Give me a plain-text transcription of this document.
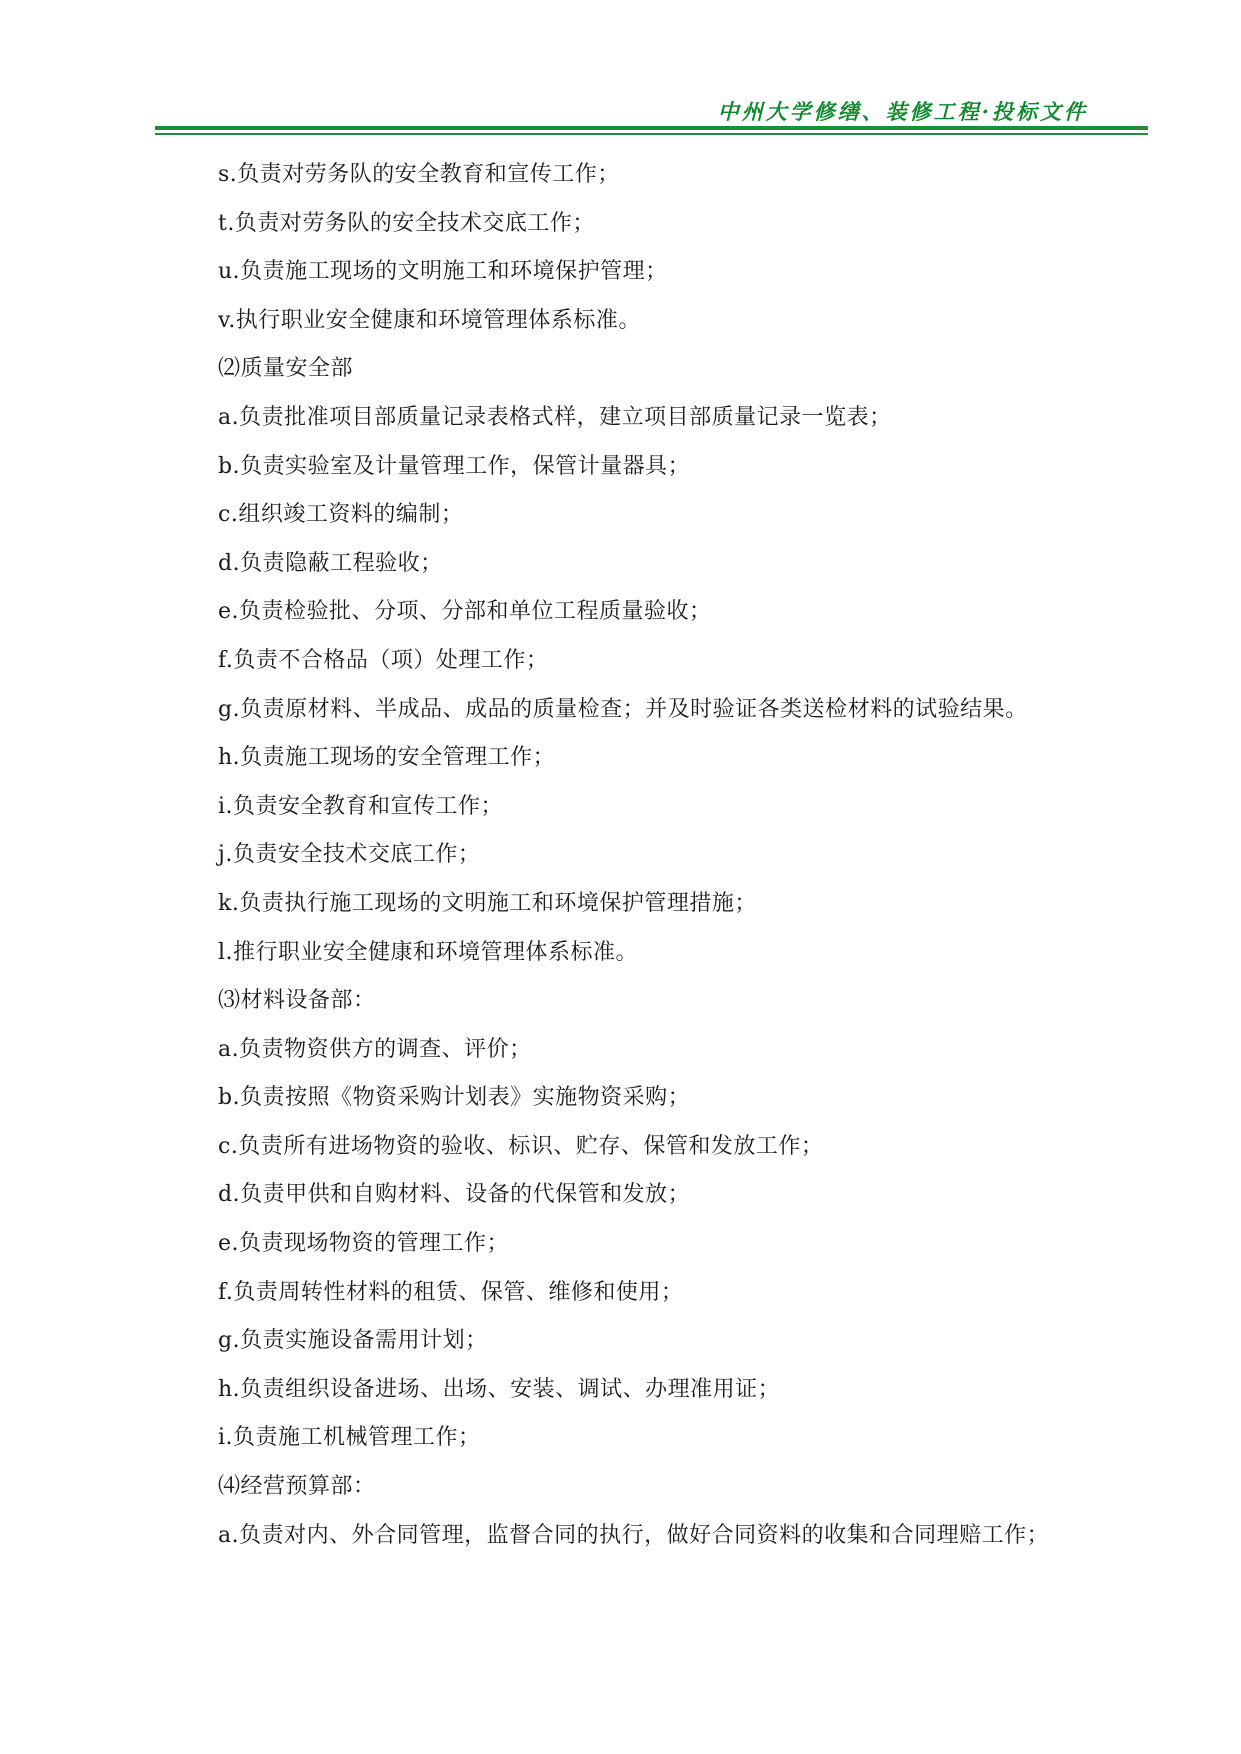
中州大学修缮、装修工程·投标文件
s.负责对劳务队的安全教育和宣传工作；
t.负责对劳务队的安全技术交底工作；
u.负责施工现场的文明施工和环境保护管理；
v.执行职业安全健康和环境管理体系标准。
⑵质量安全部
a.负责批准项目部质量记录表格式样，建立项目部质量记录一览表；
b.负责实验室及计量管理工作，保管计量器具；
c.组织竣工资料的编制；
d.负责隐蔽工程验收；
e.负责检验批、分项、分部和单位工程质量验收；
f.负责不合格品（项）处理工作；
g.负责原材料、半成品、成品的质量检查；并及时验证各类送检材料的试验结果。
h.负责施工现场的安全管理工作；
i.负责安全教育和宣传工作；
j.负责安全技术交底工作；
k.负责执行施工现场的文明施工和环境保护管理措施；
l.推行职业安全健康和环境管理体系标准。
⑶材料设备部：
a.负责物资供方的调查、评价；
b.负责按照《物资采购计划表》实施物资采购；
c.负责所有进场物资的验收、标识、贮存、保管和发放工作；
d.负责甲供和自购材料、设备的代保管和发放；
e.负责现场物资的管理工作；
f.负责周转性材料的租赁、保管、维修和使用；
g.负责实施设备需用计划；
h.负责组织设备进场、出场、安装、调试、办理准用证；
i.负责施工机械管理工作；
⑷经营预算部：
a.负责对内、外合同管理，监督合同的执行，做好合同资料的收集和合同理赔工作；
